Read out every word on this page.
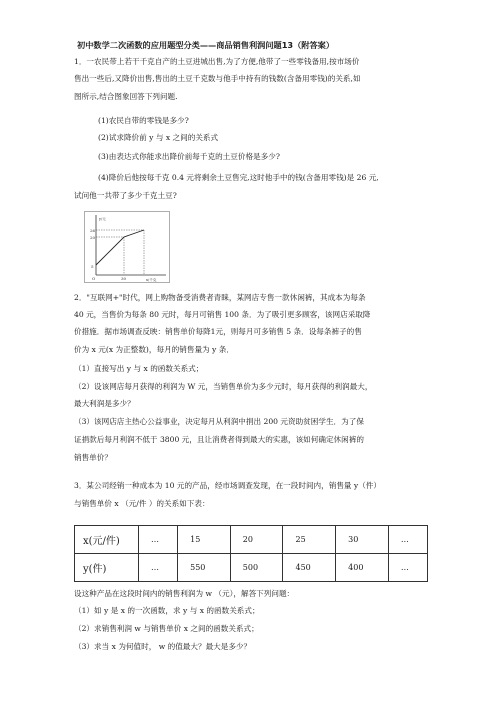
初中数学二次函数的应用题型分类——商品销售利润问题13（附答案）
1．一农民带上若干千克自产的土豆进城出售,为了方便,他带了一些零钱备用,按市场价
售出一些后,又降价出售,售出的土豆千克数与他手中持有的钱数(含备用零钱)的关系,如
图所示,结合图象回答下列问题.
(1)农民自带的零钱是多少?
(2)试求降价前 y 与 x 之间的关系式
(3)由表达式你能求出降价前每千克的土豆价格是多少?
(4)降价后他按每千克 0.4 元将剩余土豆售完,这时他手中的钱(含备用零钱)是 26 元,
试问他一共带了多少千克土豆?
y/元
x/千克
26
20
5
O	30
2．"互联网+"时代，网上购物备受消费者青睐，某网店专售一款休闲裤，其成本为每条
40 元，当售价为每条 80 元时，每月可销售 100 条．为了吸引更多顾客，该网店采取降
价措施．据市场调查反映：销售单价每降1元，则每月可多销售 5 条．设每条裤子的售
价为 x 元(x 为正整数)，每月的销售量为 y 条．
（1）直接写出 y 与 x 的函数关系式；
（2）设该网店每月获得的利润为 W 元，当销售单价为多少元时，每月获得的利润最大，
最大利润是多少？
（3）该网店店主热心公益事业，决定每月从利润中捐出 200 元资助贫困学生．为了保
证捐款后每月利润不低于 3800 元，且让消费者得到最大的实惠，该如何确定休闲裤的
销售单价？
3．某公司经销一种成本为 10 元的产品，经市场调查发现，在一段时间内，销售量 y（件）
与销售单价 x （元/件 ）的关系如下表：
x(元/件)	…	15	20	25	30	…
y(件)	…	550	500	450	400	…
设这种产品在这段时间内的销售利润为 w （元），解答下列问题：
（1）如 y 是 x 的一次函数，求 y 与 x 的函数关系式；
（2）求销售利润 w 与销售单价 x 之间的函数关系式；
（3）求当 x 为何值时， w 的值最大？最大是多少？
